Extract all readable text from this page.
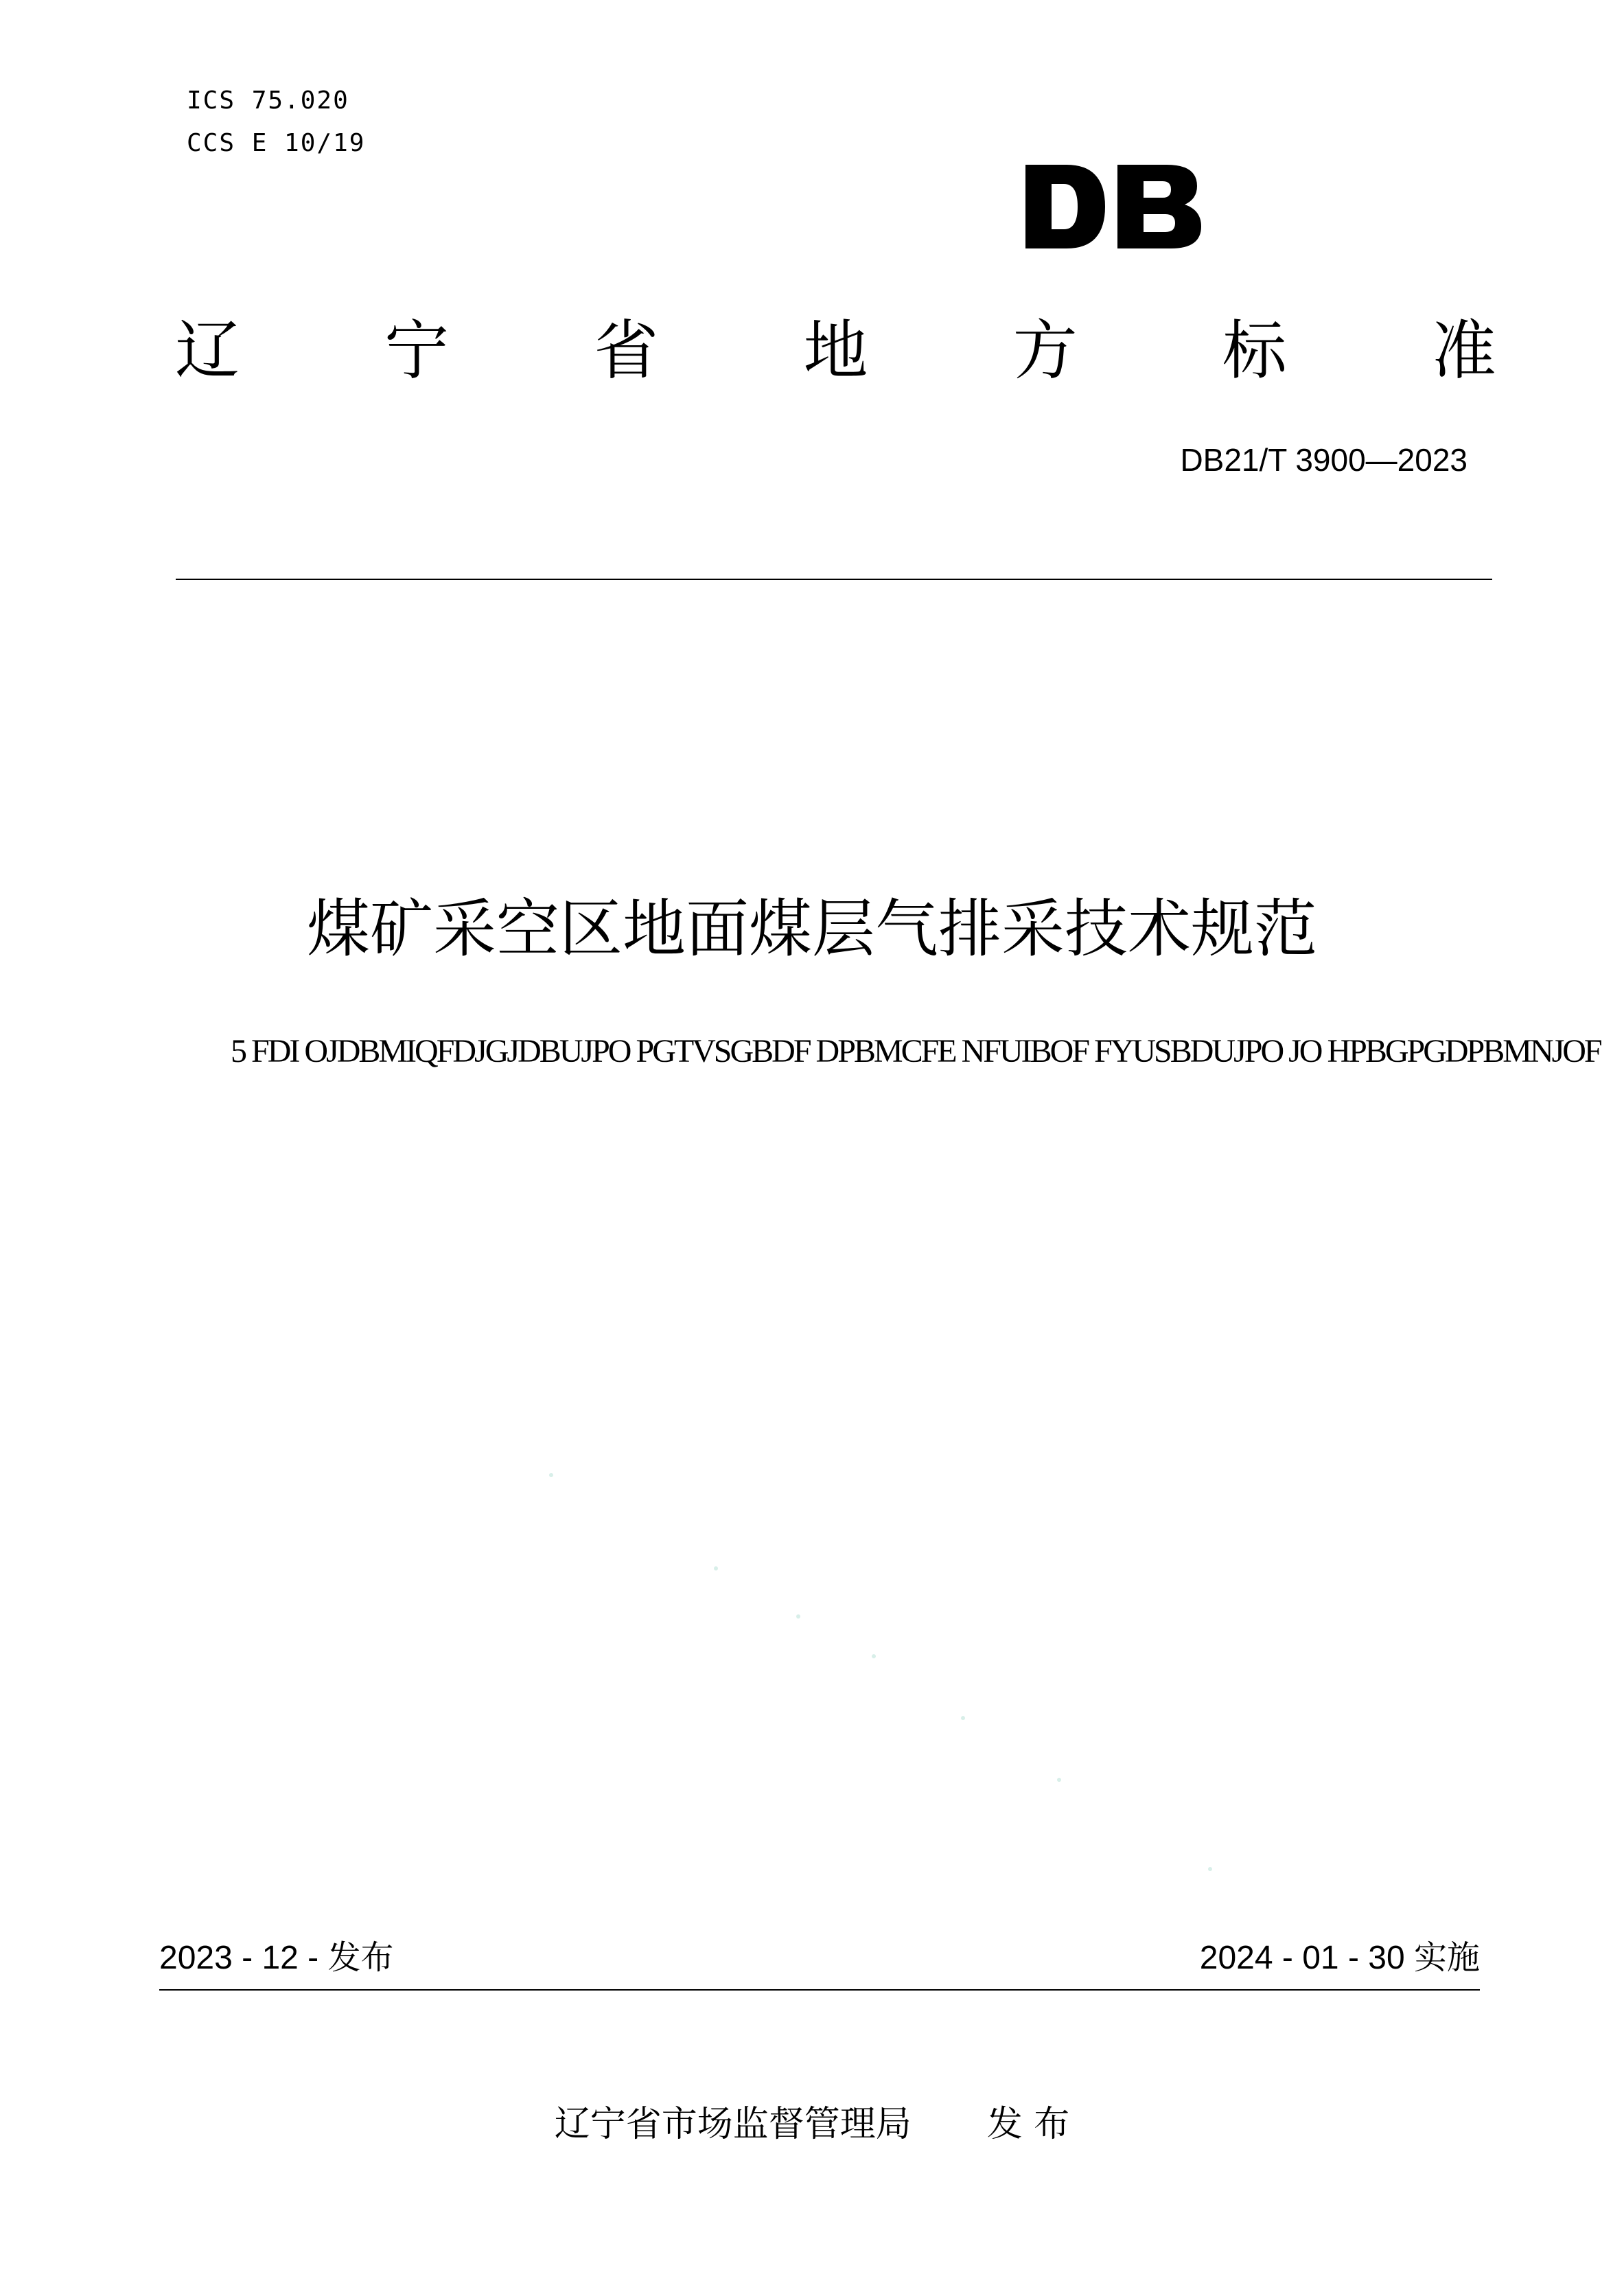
ICS 75.020
CCS E 10/19
辽 宁 省 地 方 标 准
DB21/T 3900—2023
煤矿采空区地面煤层气排采技术规范
5 FDI OJDBMIQFDJGJDBUJPO PGTVSGBDF DPBMCFE NFUIBOF FYUSBDUJPO JO HPBGPGDPBMNJOF
2023 - 12 - 发布	2024 - 01 - 30 实施
辽宁省市场监督管理局 发 布
